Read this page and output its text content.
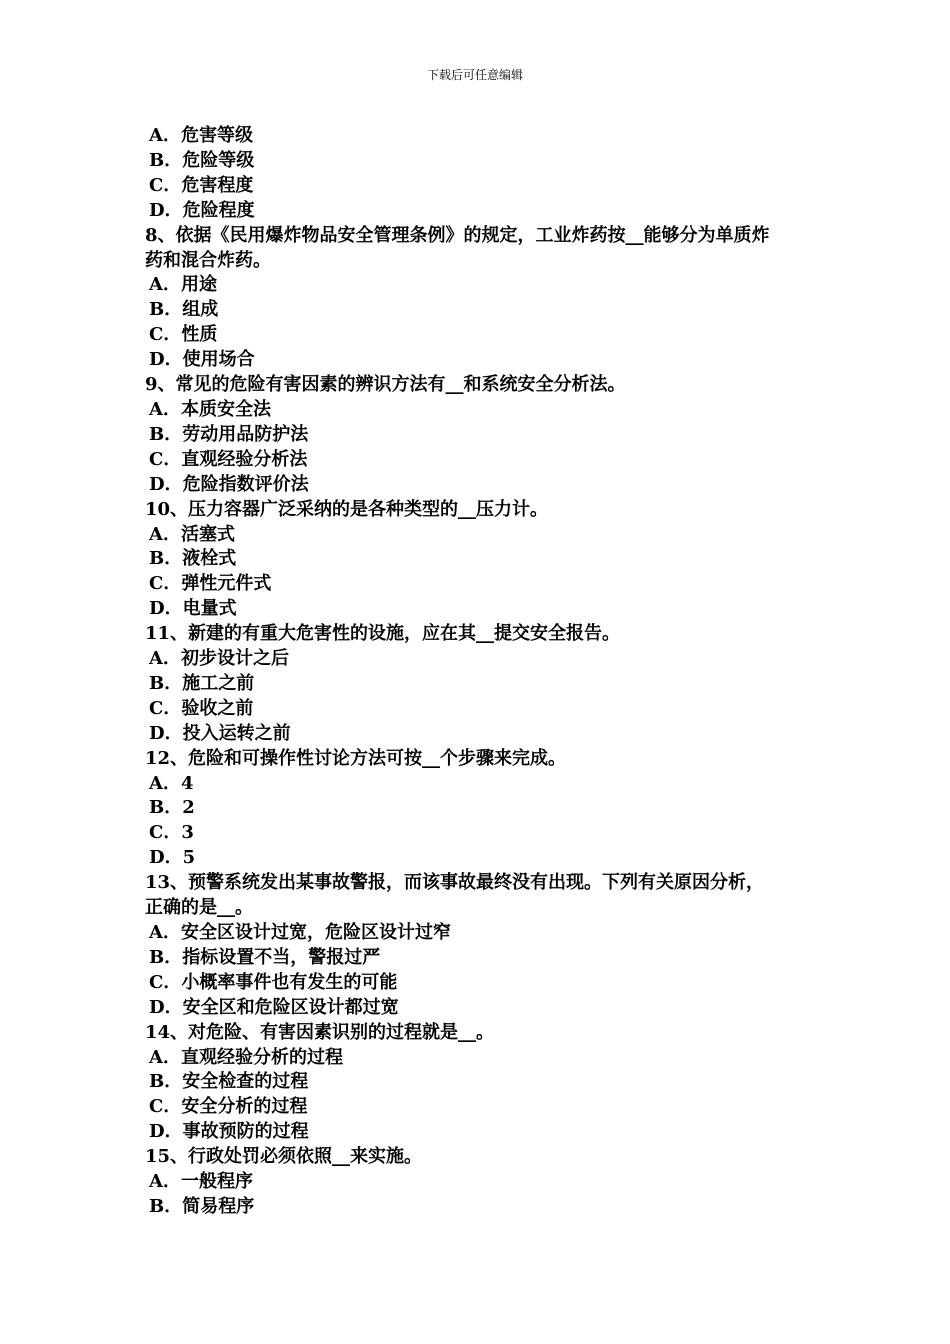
下载后可任意编辑
A．危害等级
B．危险等级
C．危害程度
D．危险程度
8、依据《民用爆炸物品安全管理条例》的规定，工业炸药按__能够分为单质炸
药和混合炸药。
A．用途
B．组成
C．性质
D．使用场合
9、常见的危险有害因素的辨识方法有__和系统安全分析法。
A．本质安全法
B．劳动用品防护法
C．直观经验分析法
D．危险指数评价法
10、压力容器广泛采纳的是各种类型的__压力计。
A．活塞式
B．液栓式
C．弹性元件式
D．电量式
11、新建的有重大危害性的设施，应在其__提交安全报告。
A．初步设计之后
B．施工之前
C．验收之前
D．投入运转之前
12、危险和可操作性讨论方法可按__个步骤来完成。
A．4
B．2
C．3
D．5
13、预警系统发出某事故警报，而该事故最终没有出现。下列有关原因分析，
正确的是__。
A．安全区设计过宽，危险区设计过窄
B．指标设置不当，警报过严
C．小概率事件也有发生的可能
D．安全区和危险区设计都过宽
14、对危险、有害因素识别的过程就是__。
A．直观经验分析的过程
B．安全检查的过程
C．安全分析的过程
D．事故预防的过程
15、行政处罚必须依照__来实施。
A．一般程序
B．简易程序
